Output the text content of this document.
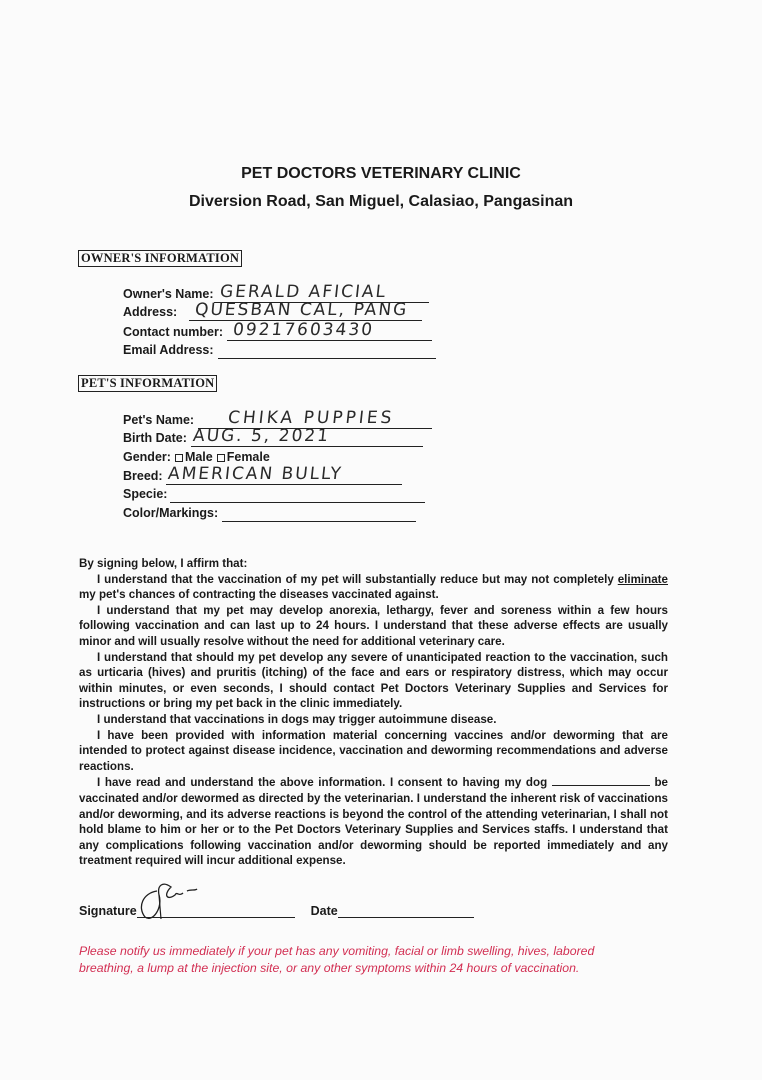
PET DOCTORS VETERINARY CLINIC
Diversion Road, San Miguel, Calasiao, Pangasinan
OWNER'S INFORMATION
Owner's Name: GERALD AFICIAL
Address: QUESBAN CAL, PANG
Contact number: 09217603430
Email Address:
PET'S INFORMATION
Pet's Name: CHIKA PUPPIES
Birth Date: AUG. 5, 2021
Gender: Male Female
Breed: AMERICAN BULLY
Specie:
Color/Markings:

By signing below, I affirm that:

I understand that the vaccination of my pet will substantially reduce but may not completely eliminate my pet's chances of contracting the diseases vaccinated against.

I understand that my pet may develop anorexia, lethargy, fever and soreness within a few hours following vaccination and can last up to 24 hours. I understand that these adverse effects are usually minor and will usually resolve without the need for additional veterinary care.

I understand that should my pet develop any severe of unanticipated reaction to the vaccination, such as urticaria (hives) and pruritis (itching) of the face and ears or respiratory distress, which may occur within minutes, or even seconds, I should contact Pet Doctors Veterinary Supplies and Services for instructions or bring my pet back in the clinic immediately.

I understand that vaccinations in dogs may trigger autoimmune disease.

I have been provided with information material concerning vaccines and/or deworming that are intended to protect against disease incidence, vaccination and deworming recommendations and adverse reactions.

I have read and understand the above information. I consent to having my dog	be vaccinated and/or dewormed as directed by the veterinarian. I understand the inherent risk of vaccinations and/or deworming, and its adverse reactions is beyond the control of the attending veterinarian, I shall not hold blame to him or her or to the Pet Doctors Veterinary Supplies and Services staffs. I understand that any complications following vaccination and/or deworming should be reported immediately and any treatment required will incur additional expense.

Signature	Date
Please notify us immediately if your pet has any vomiting, facial or limb swelling, hives, labored breathing, a lump at the injection site, or any other symptoms within 24 hours of vaccination.
